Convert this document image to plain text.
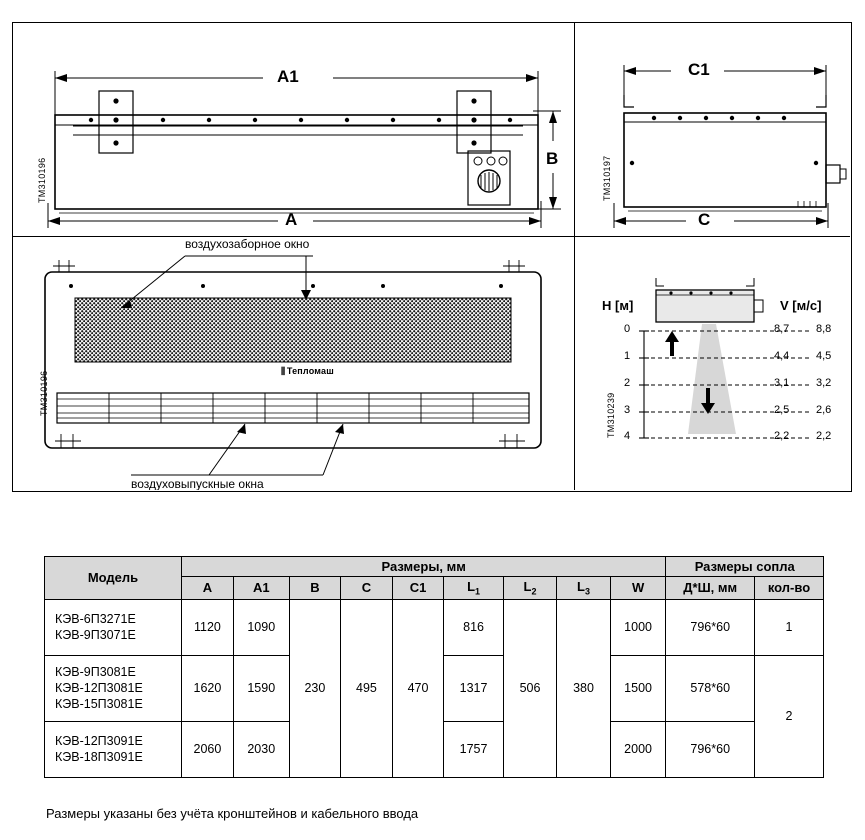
A1
A
B
ТМ310196
C1
C
ТМ310197
воздухозаборное окно
воздуховыпускные окна
ТМ310196	⫼ Тепломаш
ТМ310239
H [м]	V [м/с]
0
1
2
3
4
8,7
4,4
3,1
2,5
2,2
8,8
4,5
3,2
2,6
2,2
Модель	Размеры, мм									Размеры сопла	
	A	A1	B	C	C1	$L_1$	$L_2$	$L_3$	W	Д*Ш, мм	кол-во

КЭВ-6П3271Е
КЭВ-9П3071Е	1120	1090	230	495	470	816	506	380	1000	796*60	1

КЭВ-9П3081Е
КЭВ-12П3081Е
КЭВ-15П3081Е	1620	1590				1317			1500	578*60	2

КЭВ-12П3091Е
КЭВ-18П3091Е	2060	2030				1757			2000	796*60	
Размеры указаны без учёта кронштейнов и кабельного ввода
